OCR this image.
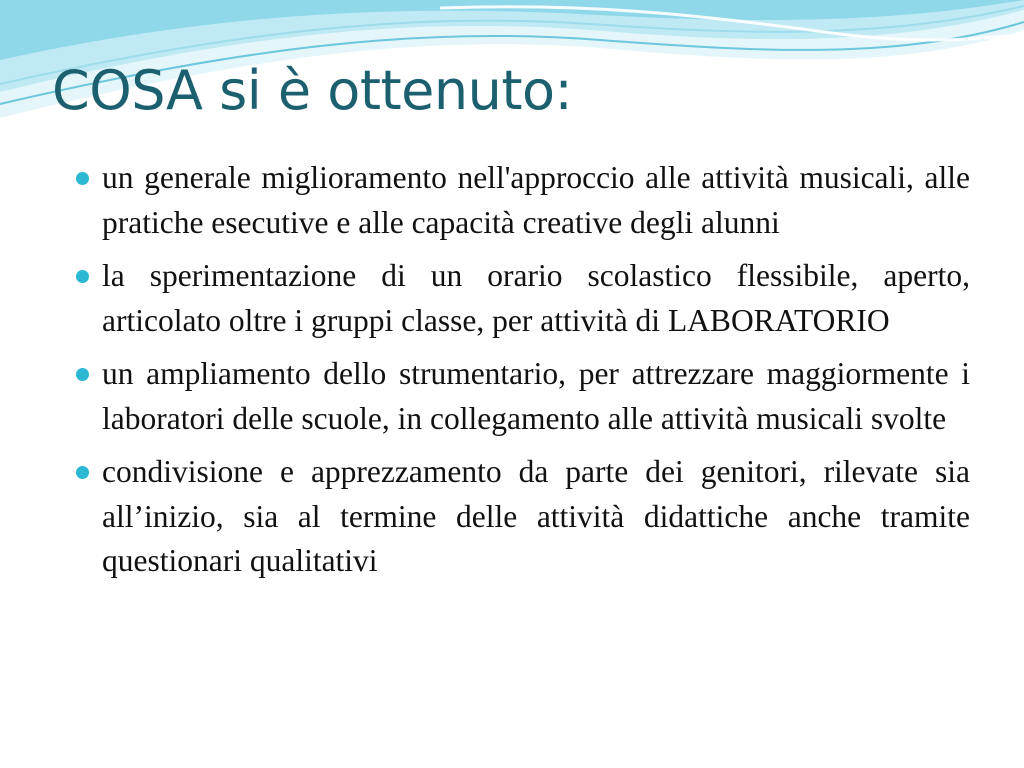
COSA si è ottenuto:
un generale miglioramento nell'approccio alle attività musicali, alle pratiche esecutive e alle capacità creative degli alunni
la sperimentazione di un orario scolastico flessibile, aperto, articolato oltre i gruppi classe, per attività di LABORATORIO
un ampliamento dello strumentario, per attrezzare maggiormente i laboratori delle scuole, in collegamento alle attività musicali svolte
condivisione e apprezzamento da parte dei genitori, rilevate sia all’inizio, sia al termine delle attività didattiche anche tramite questionari qualitativi
